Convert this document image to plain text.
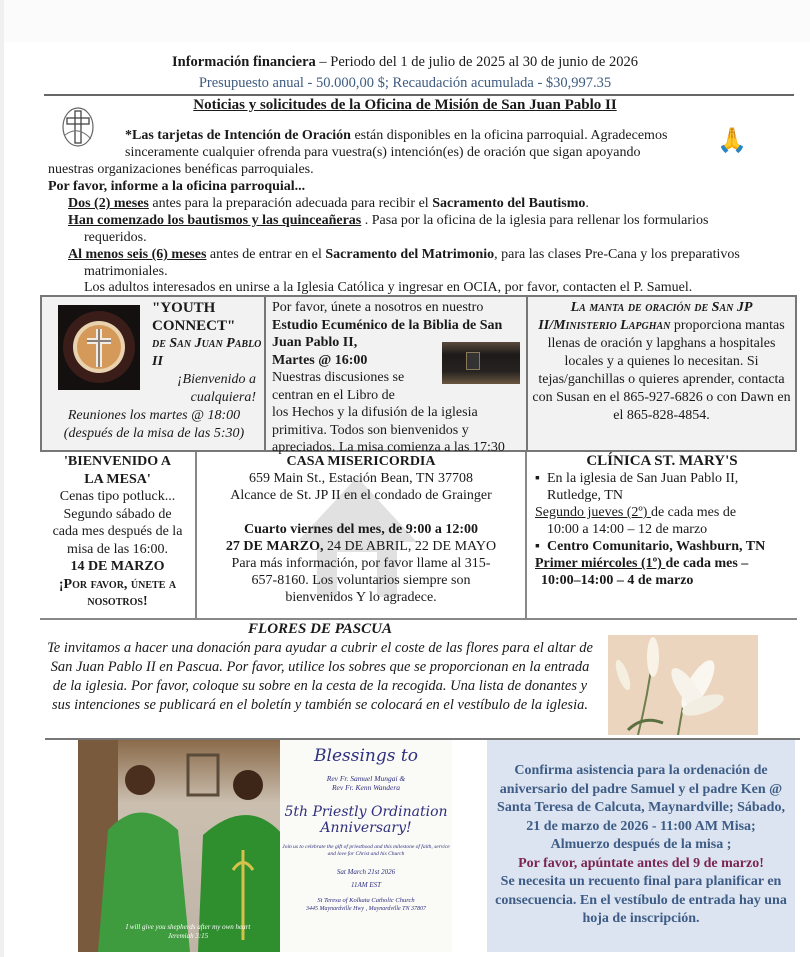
Información financiera – Periodo del 1 de julio de 2025 al 30 de junio de 2026
Presupuesto anual - 50.000,00 $; Recaudación acumulada - $30,997.35
Noticias y solicitudes de la Oficina de Misión de San Juan Pablo II
🙏
*Las tarjetas de Intención de Oración están disponibles en la oficina parroquial. Agradecemos
sinceramente cualquier ofrenda para vuestra(s) intención(es) de oración que sigan apoyando
nuestras organizaciones benéficas parroquiales.
Por favor, informe a la oficina parroquial...
Dos (2) meses antes para la preparación adecuada para recibir el Sacramento del Bautismo.
Han comenzado los bautismos y las quinceañeras . Pasa por la oficina de la iglesia para rellenar los formularios
requeridos.
Al menos seis (6) meses antes de entrar en el Sacramento del Matrimonio, para las clases Pre-Cana y los preparativos
matrimoniales.
Los adultos interesados en unirse a la Iglesia Católica y ingresar en OCIA, por favor, contacten el P. Samuel.
"YOUTH CONNECT"
de San Juan Pablo II
¡Bienvenido a cualquiera!
Reuniones los martes @ 18:00
(después de la misa de las 5:30)
Por favor, únete a nosotros en nuestro
Estudio Ecuménico de la Biblia de San Juan Pablo II,
Martes @ 16:00
Nuestras discusiones se
centran en el Libro de
los Hechos y la difusión de la iglesia primitiva. Todos son bienvenidos y apreciados. La misa comienza a las 17:30
La manta de oración de San JP II/Ministerio Lapghan proporciona mantas llenas de oración y lapghans a hospitales locales y a quienes lo necesitan. Si tejas/ganchillas o quieres aprender, contacta con Susan en el 865-927-6826 o con Dawn en el 865-828-4854.
'BIENVENIDO A LA MESA'
Cenas tipo potluck... Segundo sábado de cada mes después de la misa de las 16:00.
14 DE MARZO
¡Por favor, únete a nosotros!
CASA MISERICORDIA
659 Main St., Estación Bean, TN 37708
Alcance de St. JP II en el condado de Grainger
Cuarto viernes del mes, de 9:00 a 12:00
27 DE MARZO, 24 DE ABRIL, 22 DE MAYO
Para más información, por favor llame al 315-657-8160. Los voluntarios siempre son bienvenidos Y lo agradece.
CLÍNICA ST. MARY'S
▪ En la iglesia de San Juan Pablo II, Rutledge, TN
Segundo jueves (2º) de cada mes de
10:00 a 14:00 – 12 de marzo
▪ Centro Comunitario, Washburn, TN
Primer miércoles (1º) de cada mes –
10:00–14:00 – 4 de marzo
FLORES DE PASCUA
Te invitamos a hacer una donación para ayudar a cubrir el coste de las flores para el altar de San Juan Pablo II en Pascua. Por favor, utilice los sobres que se proporcionan en la entrada de la iglesia. Por favor, coloque su sobre en la cesta de la recogida. Una lista de donantes y sus intenciones se publicará en el boletín y también se colocará en el vestíbulo de la iglesia.
I will give you shepherds after my own heart
Jeremiah 3:15
Blessings to
Rev Fr. Samuel Mungai &
Rev Fr. Kenn Wandera
5th Priestly Ordination
Anniversary!
Join us to celebrate the gift of priesthood and this milestone of faith, service and love for Christ and his Church
Sat March 21st 2026
11AM EST
St Teresa of Kolkata Catholic Church
3445 Maynardville Hwy , Maynardville TN 37807
Confirma asistencia para la ordenación de aniversario del padre Samuel y el padre Ken @ Santa Teresa de Calcuta, Maynardville; Sábado, 21 de marzo de 2026 - 11:00 AM Misa; Almuerzo después de la misa ;
Por favor, apúntate antes del 9 de marzo!
Se necesita un recuento final para planificar en consecuencia. En el vestíbulo de entrada hay una hoja de inscripción.
